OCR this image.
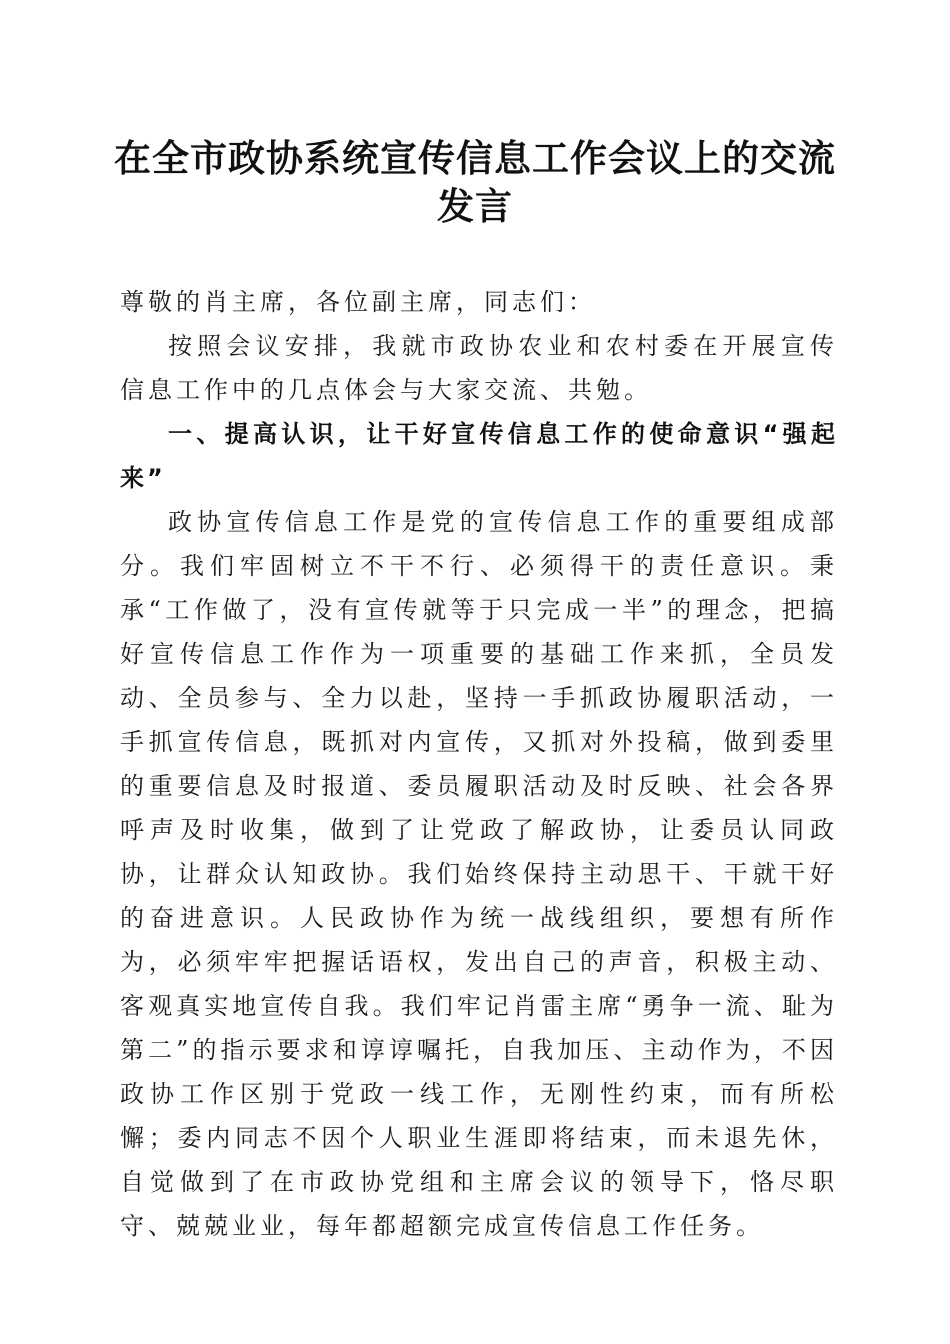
在全市政协系统宣传信息工作会议上的交流发言

尊敬的肖主席，各位副主席，同志们：

按照会议安排，我就市政协农业和农村委在开展宣传信息工作中的几点体会与大家交流、共勉。

一、提高认识，让干好宣传信息工作的使命意识“强起来”

政协宣传信息工作是党的宣传信息工作的重要组成部分。我们牢固树立不干不行、必须得干的责任意识。秉承“工作做了，没有宣传就等于只完成一半”的理念，把搞好宣传信息工作作为一项重要的基础工作来抓，全员发动、全员参与、全力以赴，坚持一手抓政协履职活动，一手抓宣传信息，既抓对内宣传，又抓对外投稿，做到委里的重要信息及时报道、委员履职活动及时反映、社会各界呼声及时收集，做到了让党政了解政协，让委员认同政协，让群众认知政协。我们始终保持主动思干、干就干好的奋进意识。人民政协作为统一战线组织，要想有所作为，必须牢牢把握话语权，发出自己的声音，积极主动、客观真实地宣传自我。我们牢记肖雷主席“勇争一流、耻为第二”的指示要求和谆谆嘱托，自我加压、主动作为，不因政协工作区别于党政一线工作，无刚性约束，而有所松懈；委内同志不因个人职业生涯即将结束，而未退先休，自觉做到了在市政协党组和主席会议的领导下，恪尽职守、兢兢业业，每年都超额完成宣传信息工作任务。
